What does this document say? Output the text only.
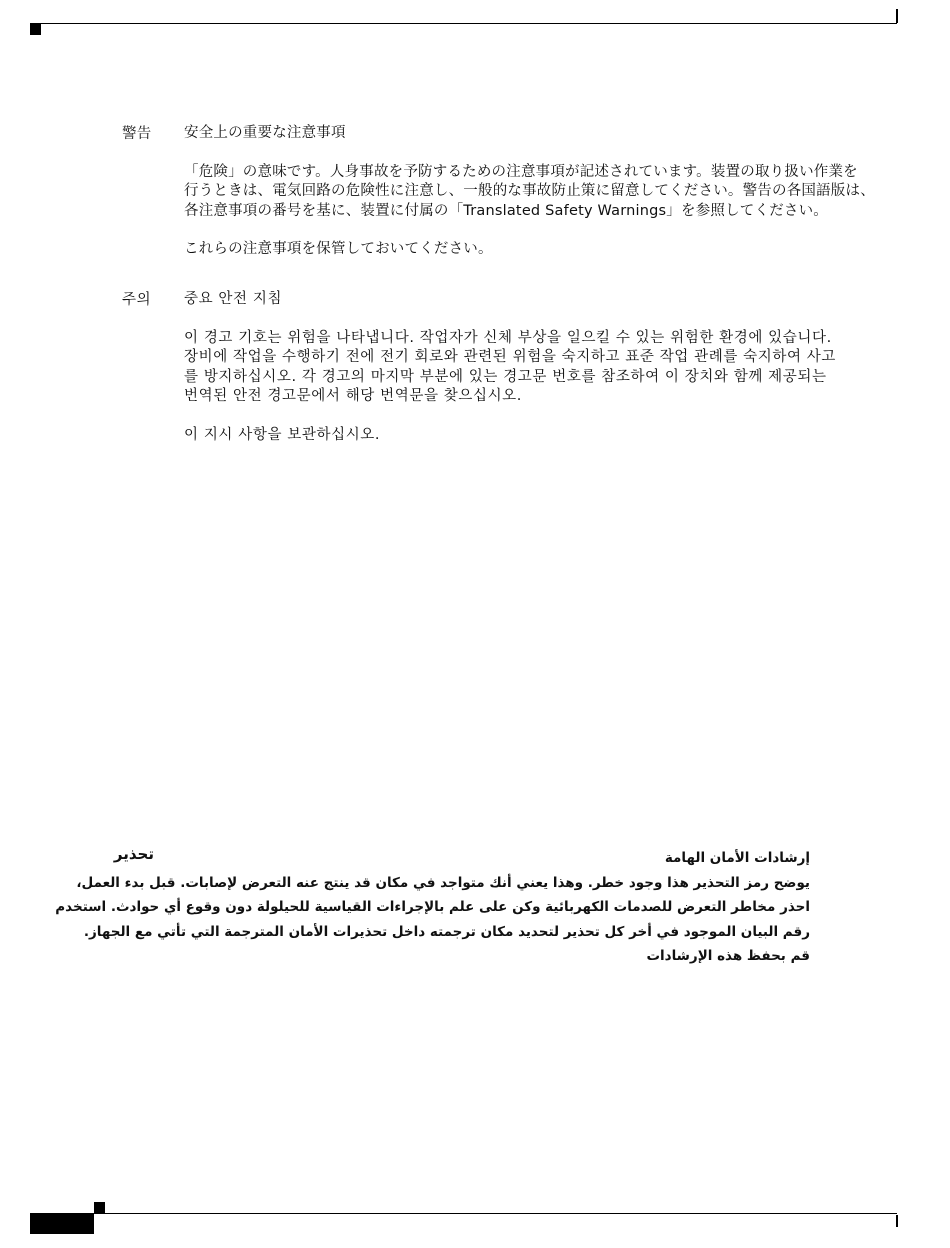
警告 安全上の重要な注意事項
「危険」の意味です。人身事故を予防するための注意事項が記述されています。装置の取り扱い作業を
行うときは、電気回路の危険性に注意し、一般的な事故防止策に留意してください。警告の各国語版は、
各注意事項の番号を基に、装置に付属の「Translated Safety Warnings」を参照してください。
これらの注意事項を保管しておいてください。
주의 중요 안전 지침
이 경고 기호는 위험을 나타냅니다. 작업자가 신체 부상을 일으킬 수 있는 위험한 환경에 있습니다.
장비에 작업을 수행하기 전에 전기 회로와 관련된 위험을 숙지하고 표준 작업 관례를 숙지하여 사고
를 방지하십시오. 각 경고의 마지막 부분에 있는 경고문 번호를 참조하여 이 장치와 함께 제공되는
번역된 안전 경고문에서 해당 번역문을 찾으십시오.
이 지시 사항을 보관하십시오.
تحذير	إرشادات الأمان الهامة
يوضح رمز التحذير هذا وجود خطر. وهذا يعني أنك متواجد في مكان قد ينتج عنه التعرض لإصابات. قبل بدء العمل،
احذر مخاطر التعرض للصدمات الكهربائية وكن على علم بالإجراءات القياسية للحيلولة دون وقوع أي حوادث. استخدم
رقم البيان الموجود في أخر كل تحذير لتحديد مكان ترجمته داخل تحذيرات الأمان المترجمة التي تأتي مع الجهاز.
قم بحفظ هذه الإرشادات
